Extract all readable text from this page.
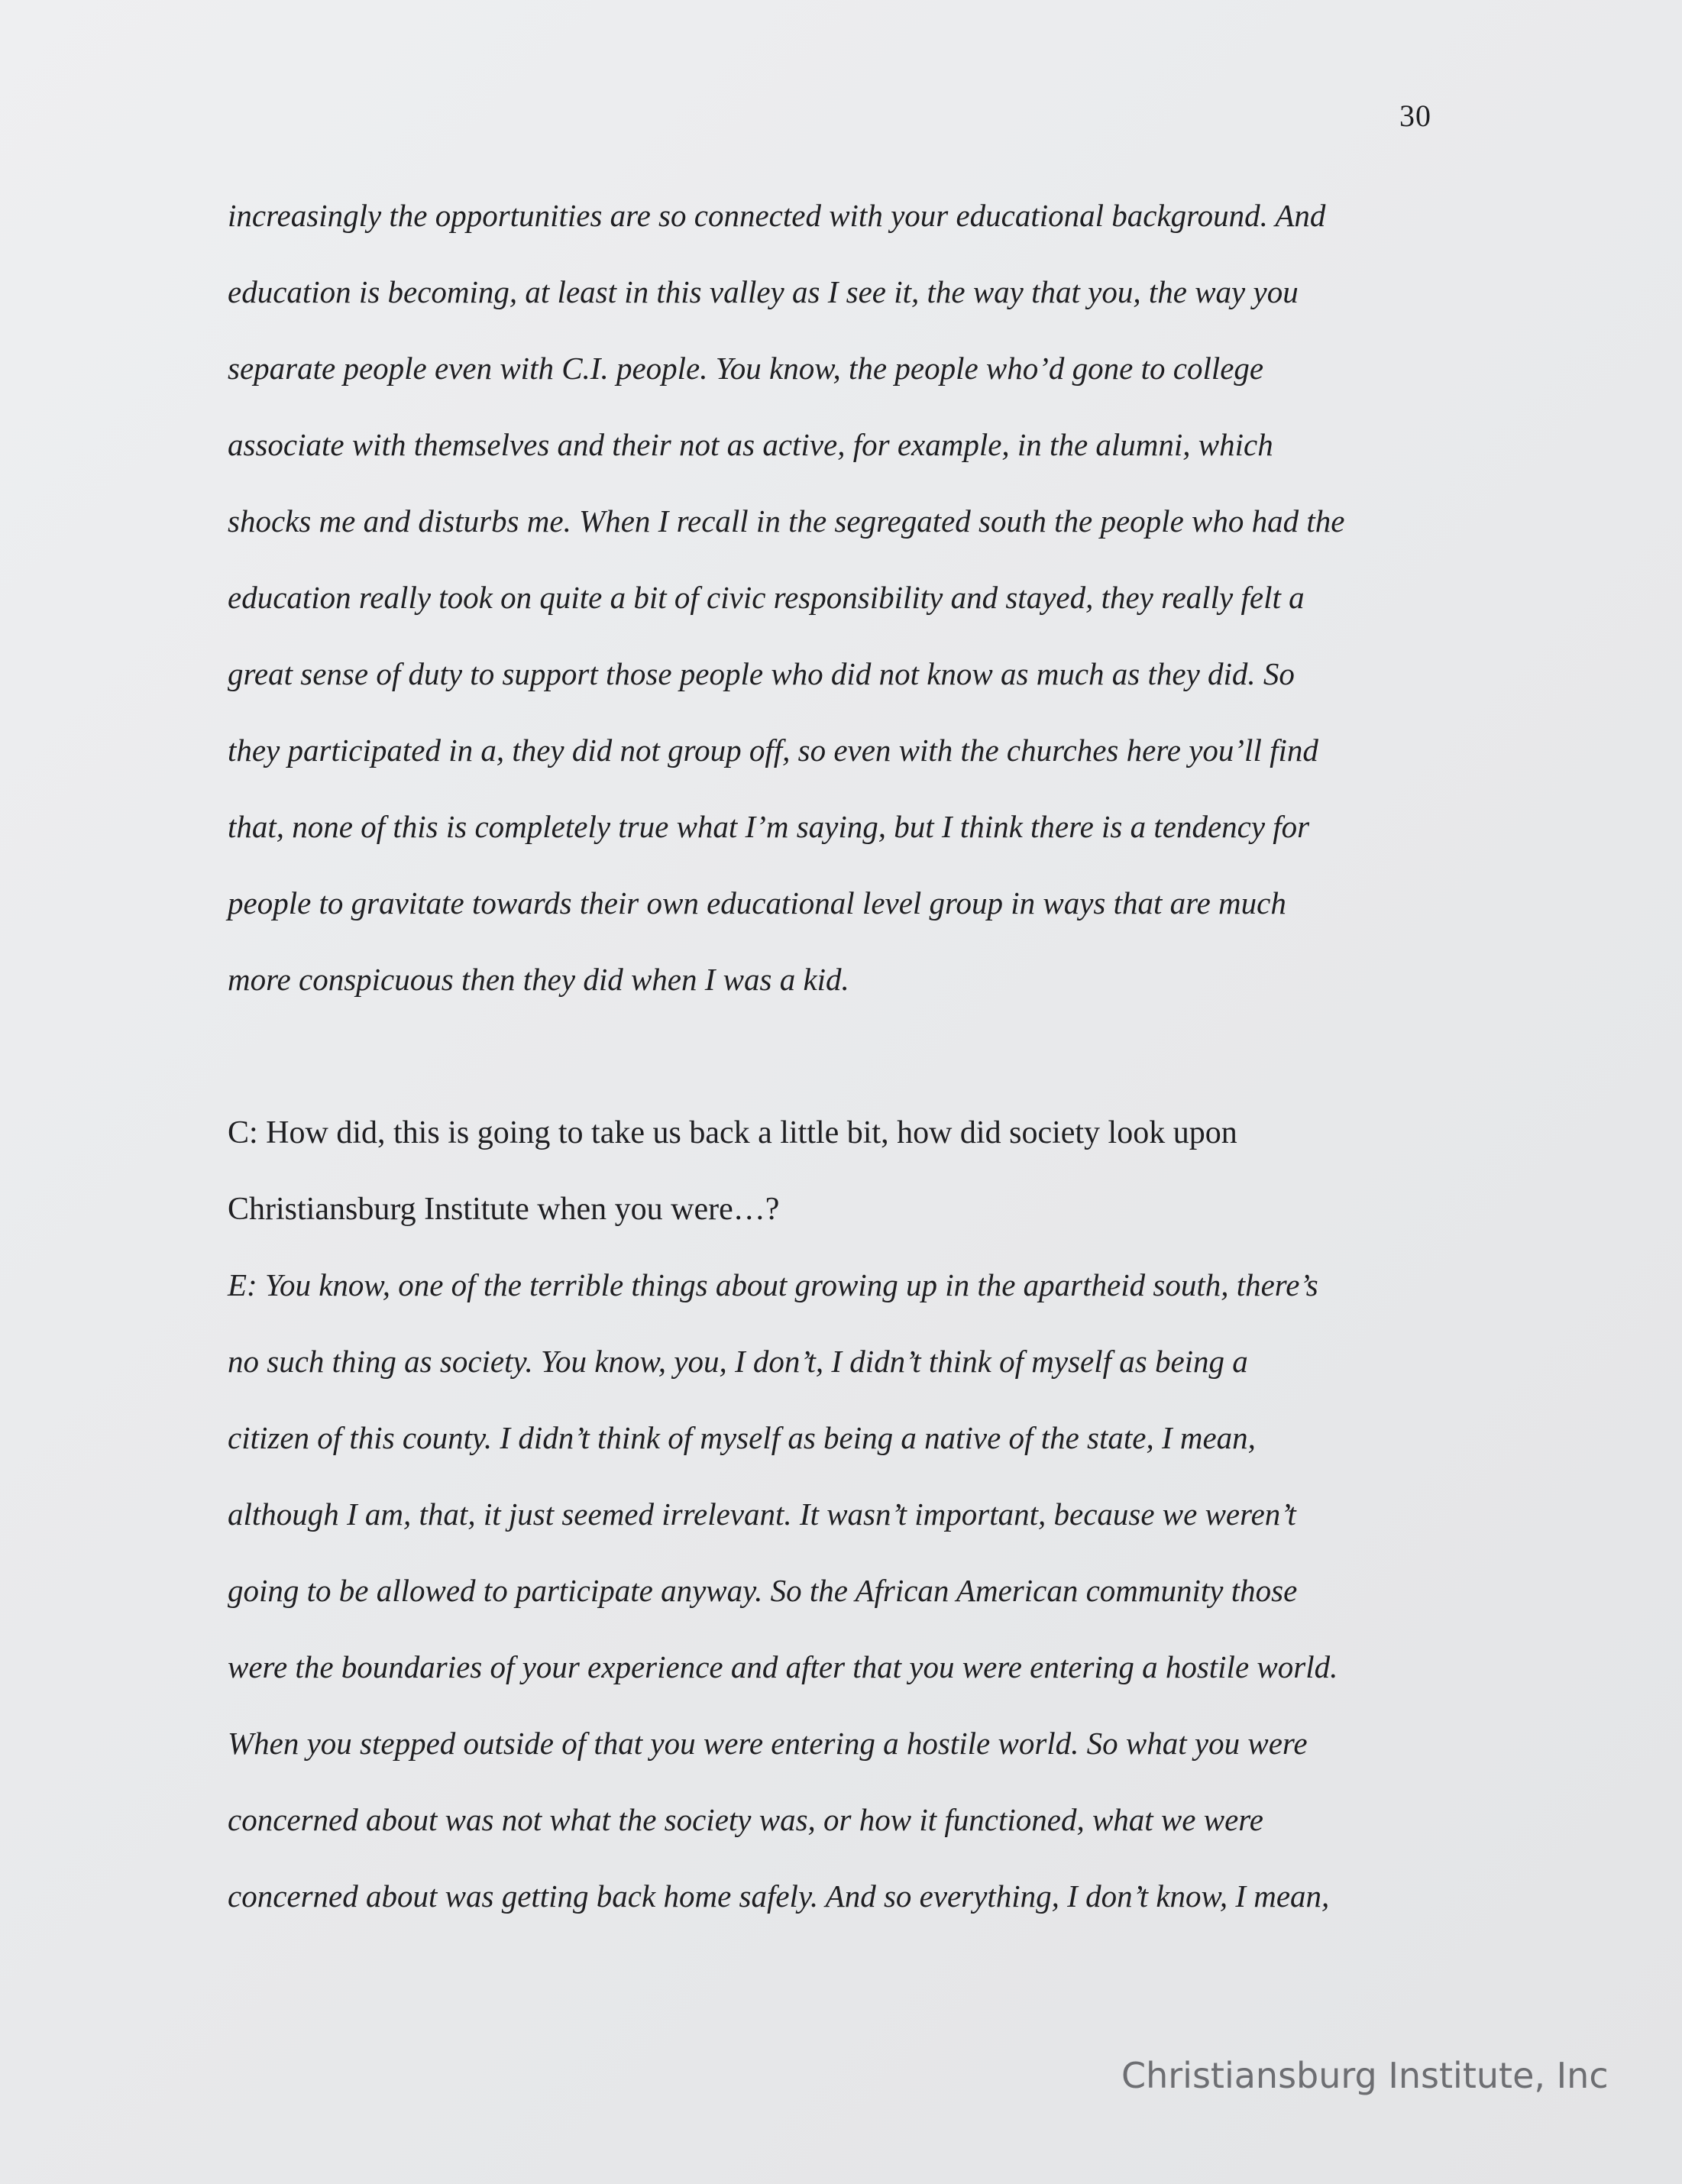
30
increasingly the opportunities are so connected with your educational background. And
education is becoming, at least in this valley as I see it, the way that you, the way you
separate people even with C.I. people. You know, the people who’d gone to college
associate with themselves and their not as active, for example, in the alumni, which
shocks me and disturbs me. When I recall in the segregated south the people who had the
education really took on quite a bit of civic responsibility and stayed, they really felt a
great sense of duty to support those people who did not know as much as they did. So
they participated in a, they did not group off, so even with the churches here you’ll find
that, none of this is completely true what I’m saying, but I think there is a tendency for
people to gravitate towards their own educational level group in ways that are much
more conspicuous then they did when I was a kid.
C: How did, this is going to take us back a little bit, how did society look upon
Christiansburg Institute when you were…?
E: You know, one of the terrible things about growing up in the apartheid south, there’s
no such thing as society. You know, you, I don’t, I didn’t think of myself as being a
citizen of this county. I didn’t think of myself as being a native of the state, I mean,
although I am, that, it just seemed irrelevant. It wasn’t important, because we weren’t
going to be allowed to participate anyway. So the African American community those
were the boundaries of your experience and after that you were entering a hostile world.
When you stepped outside of that you were entering a hostile world. So what you were
concerned about was not what the society was, or how it functioned, what we were
concerned about was getting back home safely. And so everything, I don’t know, I mean,
Christiansburg Institute, Inc
